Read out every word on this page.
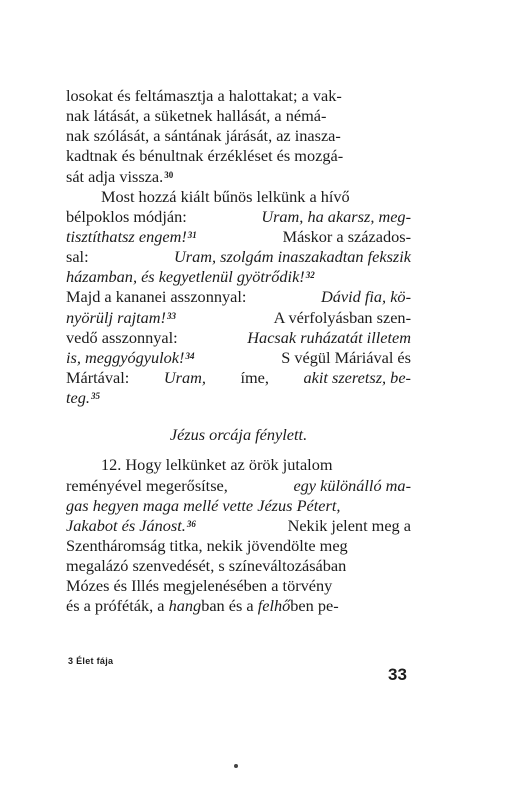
losokat és feltámasztja a halottakat; a vak-
nak látását, a süketnek hallását, a némá-
nak szólását, a sántának járását, az inasza-
kadtnak és bénultnak érzékléset és mozgá-
sát adja vissza.$^{30}$
Most hozzá kiált bűnös lelkünk a hívő
bélpoklos módján:	Uram, ha akarsz, meg-
tisztíthatsz engem!$^{31}$	Máskor a százados-
sal:	Uram, szolgám inaszakadtan fekszik
házamban, és kegyetlenül gyötrődik!$^{32}$
Majd a kananei asszonnyal:	Dávid fia, kö-
nyörülj rajtam!$^{33}$	A vérfolyásban szen-
vedő asszonnyal:	Hacsak ruházatát illetem
is, meggyógyulok!$^{34}$	S végül Máriával és
Mártával: Uram, íme, akit szeretsz, be-
teg.$^{35}$
Jézus orcája fénylett.
12. Hogy lelkünket az örök jutalom
reményével megerősítse,	egy különálló ma-
gas hegyen maga mellé vette Jézus Pétert,
Jakabot és Jánost.$^{36}$	Nekik jelent meg a
Szentháromság titka, nekik jövendölte meg
megalázó szenvedését, s színeváltozásában
Mózes és Illés megjelenésében a törvény
és a próféták, a hangban és a felhőben pe-
3 Élet fája
33
